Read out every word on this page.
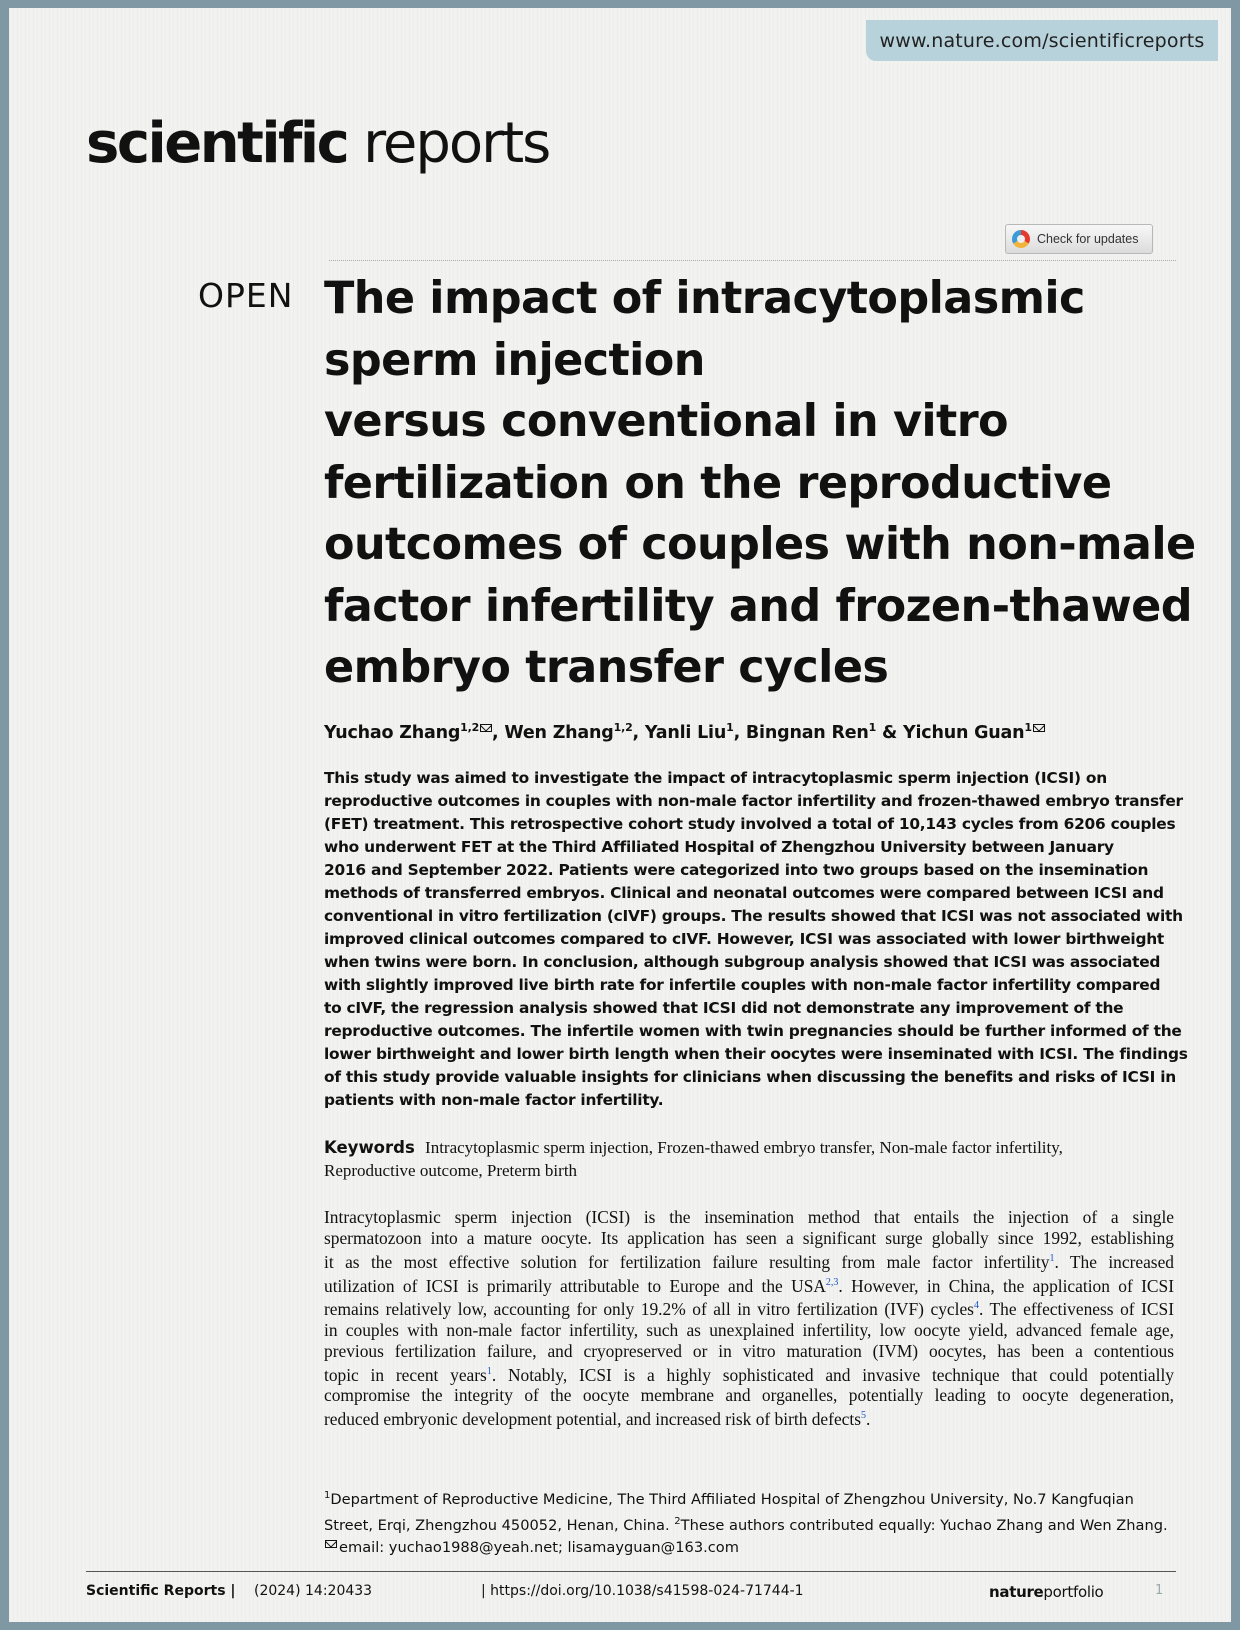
www.nature.com/scientificreports
scientific reports
Check for updates
OPEN The impact of intracytoplasmic
sperm injection
versus conventional in vitro
fertilization on the reproductive
outcomes of couples with non-male
factor infertility and frozen-thawed
embryo transfer cycles
Yuchao Zhang$^{1,2}$ , Wen Zhang$^{1,2}$, Yanli Liu$^1$, Bingnan Ren$^1$ & Yichun Guan$^1$
This study was aimed to investigate the impact of intracytoplasmic sperm injection (ICSI) on
reproductive outcomes in couples with non-male factor infertility and frozen-thawed embryo transfer
(FET) treatment. This retrospective cohort study involved a total of 10,143 cycles from 6206 couples
who underwent FET at the Third Affiliated Hospital of Zhengzhou University between January
2016 and September 2022. Patients were categorized into two groups based on the insemination
methods of transferred embryos. Clinical and neonatal outcomes were compared between ICSI and
conventional in vitro fertilization (cIVF) groups. The results showed that ICSI was not associated with
improved clinical outcomes compared to cIVF. However, ICSI was associated with lower birthweight
when twins were born. In conclusion, although subgroup analysis showed that ICSI was associated
with slightly improved live birth rate for infertile couples with non-male factor infertility compared
to cIVF, the regression analysis showed that ICSI did not demonstrate any improvement of the
reproductive outcomes. The infertile women with twin pregnancies should be further informed of the
lower birthweight and lower birth length when their oocytes were inseminated with ICSI. The findings
of this study provide valuable insights for clinicians when discussing the benefits and risks of ICSI in
patients with non-male factor infertility.
Keywords Intracytoplasmic sperm injection, Frozen-thawed embryo transfer, Non-male factor infertility,
Reproductive outcome, Preterm birth
Intracytoplasmic sperm injection (ICSI) is the insemination method that entails the injection of a single
spermatozoon into a mature oocyte. Its application has seen a significant surge globally since 1992, establishing
it as the most effective solution for fertilization failure resulting from male factor infertility$^1$. The increased
utilization of ICSI is primarily attributable to Europe and the USA$^{2,3}$. However, in China, the application of ICSI
remains relatively low, accounting for only 19.2% of all in vitro fertilization (IVF) cycles$^4$. The effectiveness of ICSI
in couples with non-male factor infertility, such as unexplained infertility, low oocyte yield, advanced female age,
previous fertilization failure, and cryopreserved or in vitro maturation (IVM) oocytes, has been a contentious
topic in recent years$^1$. Notably, ICSI is a highly sophisticated and invasive technique that could potentially
compromise the integrity of the oocyte membrane and organelles, potentially leading to oocyte degeneration,
reduced embryonic development potential, and increased risk of birth defects$^5$.
$^1$Department of Reproductive Medicine, The Third Affiliated Hospital of Zhengzhou University, No.7 Kangfuqian
Street, Erqi, Zhengzhou 450052, Henan, China. $^2$These authors contributed equally: Yuchao Zhang and Wen Zhang.
email: yuchao1988@yeah.net; lisamayguan@163.com
Scientific Reports | (2024) 14:20433	| https://doi.org/10.1038/s41598-024-71744-1	natureportfolio	1
